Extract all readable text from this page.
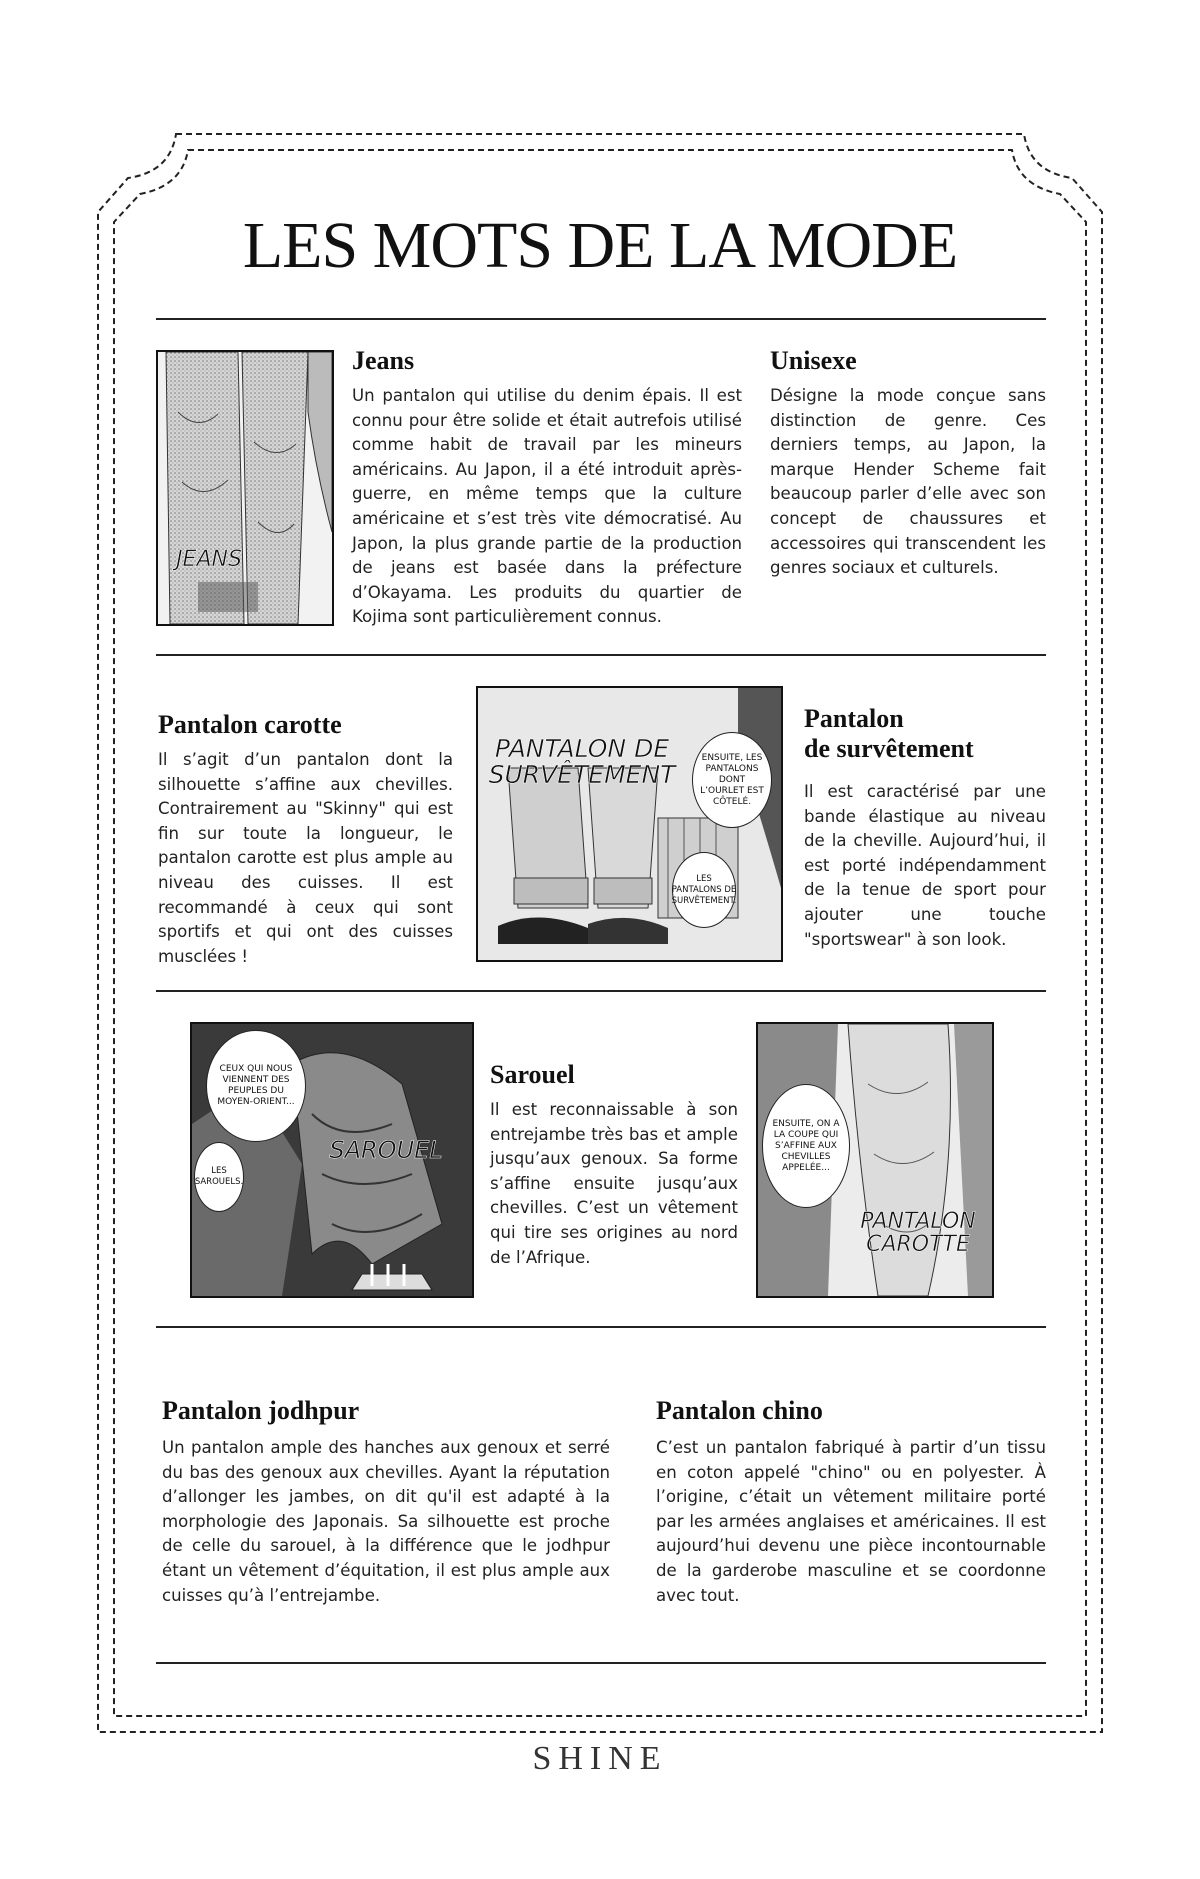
LES MOTS DE LA MODE
JEANS
Jeans
Un pantalon qui utilise du denim épais. Il est connu pour être solide et était autrefois utilisé comme habit de travail par les mineurs américains. Au Japon, il a été introduit après-guerre, en même temps que la culture américaine et s’est très vite démocratisé. Au Japon, la plus grande partie de la production de jeans est basée dans la préfecture d’Okayama. Les produits du quartier de Kojima sont particulièrement connus.
Unisexe
Désigne la mode conçue sans distinction de genre. Ces derniers temps, au Japon, la marque Hender Scheme fait beaucoup parler d’elle avec son concept de chaussures et accessoires qui transcendent les genres sociaux et culturels.
Pantalon carotte
Il s’agit d’un pantalon dont la silhouette s’affine aux chevilles. Contrairement au "Skinny" qui est fin sur toute la longueur, le pantalon carotte est plus ample au niveau des cuisses. Il est recommandé à ceux qui sont sportifs et qui ont des cuisses musclées !
PANTALON DE
SURVÊTEMENT
ENSUITE, LES PANTALONS DONT L’OURLET EST CÔTELÉ.
LES PANTALONS DE SURVÊTEMENT.
Pantalon
de survêtement
Il est caractérisé par une bande élastique au niveau de la cheville. Aujourd’hui, il est porté indépendamment de la tenue de sport pour ajouter une touche "sportswear" à son look.
CEUX QUI NOUS VIENNENT DES PEUPLES DU MOYEN-ORIENT...
LES SAROUELS.
SAROUEL
Sarouel
Il est reconnaissable à son entrejambe très bas et ample jusqu’aux genoux. Sa forme s’affine ensuite jusqu’aux chevilles. C’est un vêtement qui tire ses origines au nord de l’Afrique.
ENSUITE, ON A LA COUPE QUI S’AFFINE AUX CHEVILLES APPELÉE...
PANTALON
CAROTTE
Pantalon jodhpur
Un pantalon ample des hanches aux genoux et serré du bas des genoux aux chevilles. Ayant la réputation d’allonger les jambes, on dit qu'il est adapté à la morphologie des Japonais. Sa silhouette est proche de celle du sarouel, à la différence que le jodhpur étant un vêtement d’équitation, il est plus ample aux cuisses qu’à l’entrejambe.
Pantalon chino
C’est un pantalon fabriqué à partir d’un tissu en coton appelé "chino" ou en polyester. À l’origine, c’était un vêtement militaire porté par les armées anglaises et américaines. Il est aujourd’hui devenu une pièce incontournable de la garderobe masculine et se coordonne avec tout.
SHINE
